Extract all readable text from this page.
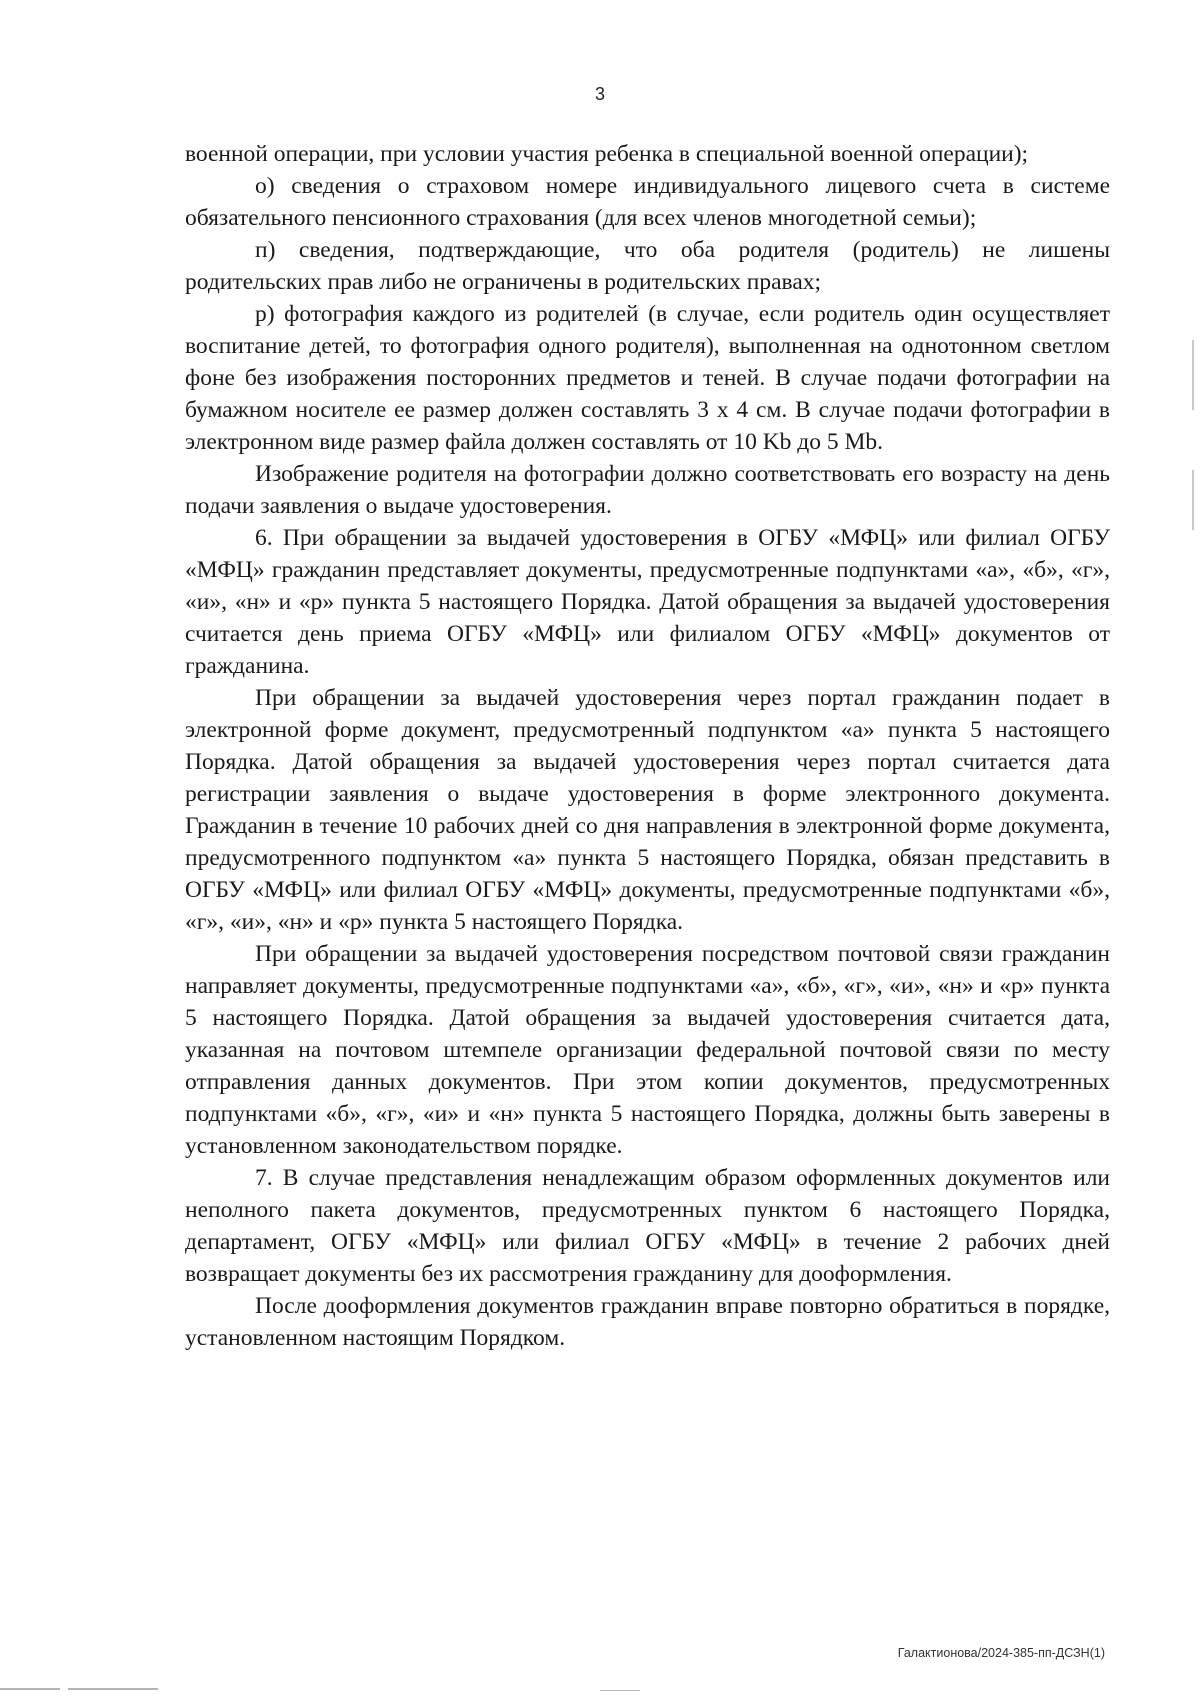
3

военной операции, при условии участия ребенка в специальной военной операции);

о) сведения о страховом номере индивидуального лицевого счета в системе обязательного пенсионного страхования (для всех членов многодетной семьи);

п) сведения, подтверждающие, что оба родителя (родитель) не лишены родительских прав либо не ограничены в родительских правах;

р) фотография каждого из родителей (в случае, если родитель один осуществляет воспитание детей, то фотография одного родителя), выполненная на однотонном светлом фоне без изображения посторонних предметов и теней. В случае подачи фотографии на бумажном носителе ее размер должен составлять 3 х 4 см. В случае подачи фотографии в электронном виде размер файла должен составлять от 10 Kb до 5 Mb.

Изображение родителя на фотографии должно соответствовать его возрасту на день подачи заявления о выдаче удостоверения.

6. При обращении за выдачей удостоверения в ОГБУ «МФЦ» или филиал ОГБУ «МФЦ» гражданин представляет документы, предусмотренные подпунктами «а», «б», «г», «и», «н» и «р» пункта 5 настоящего Порядка. Датой обращения за выдачей удостоверения считается день приема ОГБУ «МФЦ» или филиалом ОГБУ «МФЦ» документов от гражданина.

При обращении за выдачей удостоверения через портал гражданин подает в электронной форме документ, предусмотренный подпунктом «а» пункта 5 настоящего Порядка. Датой обращения за выдачей удостоверения через портал считается дата регистрации заявления о выдаче удостоверения в форме электронного документа. Гражданин в течение 10 рабочих дней со дня направления в электронной форме документа, предусмотренного подпунктом «а» пункта 5 настоящего Порядка, обязан представить в ОГБУ «МФЦ» или филиал ОГБУ «МФЦ» документы, предусмотренные подпунктами «б», «г», «и», «н» и «р» пункта 5 настоящего Порядка.

При обращении за выдачей удостоверения посредством почтовой связи гражданин направляет документы, предусмотренные подпунктами «а», «б», «г», «и», «н» и «р» пункта 5 настоящего Порядка. Датой обращения за выдачей удостоверения считается дата, указанная на почтовом штемпеле организации федеральной почтовой связи по месту отправления данных документов. При этом копии документов, предусмотренных подпунктами «б», «г», «и» и «н» пункта 5 настоящего Порядка, должны быть заверены в установленном законодательством порядке.

7. В случае представления ненадлежащим образом оформленных документов или неполного пакета документов, предусмотренных пунктом 6 настоящего Порядка, департамент, ОГБУ «МФЦ» или филиал ОГБУ «МФЦ» в течение 2 рабочих дней возвращает документы без их рассмотрения гражданину для дооформления.

После дооформления документов гражданин вправе повторно обратиться в порядке, установленном настоящим Порядком.

Галактионова/2024-385-пп-ДСЗН(1)
